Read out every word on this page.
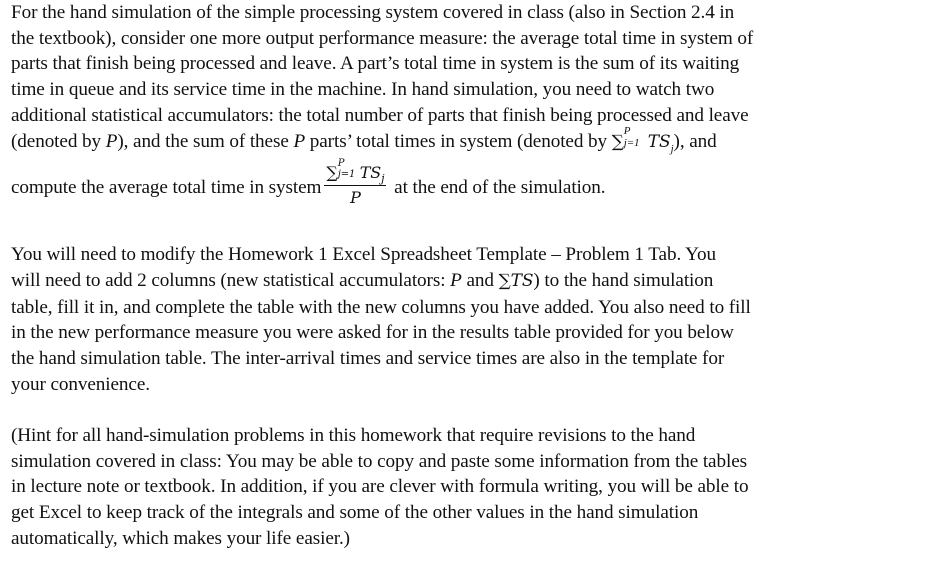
For the hand simulation of the simple processing system covered in class (also in Section 2.4 in
the textbook), consider one more output performance measure: the average total time in system of
parts that finish being processed and leave. A part’s total time in system is the sum of its waiting
time in queue and its service time in the machine. In hand simulation, you need to watch two
additional statistical accumulators: the total number of parts that finish being processed and leave
(denoted by P), and the sum of these P parts’ total times in system (denoted by ∑
P
j=1 $TS_j$), and
compute the average total time in system ∑ P
j=1 $TS_j$
P at the end of the simulation.
You will need to modify the Homework 1 Excel Spreadsheet Template – Problem 1 Tab. You
will need to add 2 columns (new statistical accumulators: P and ∑TS) to the hand simulation
table, fill it in, and complete the table with the new columns you have added. You also need to fill
in the new performance measure you were asked for in the results table provided for you below
the hand simulation table. The inter-arrival times and service times are also in the template for
your convenience.
(Hint for all hand-simulation problems in this homework that require revisions to the hand
simulation covered in class: You may be able to copy and paste some information from the tables
in lecture note or textbook. In addition, if you are clever with formula writing, you will be able to
get Excel to keep track of the integrals and some of the other values in the hand simulation
automatically, which makes your life easier.)
